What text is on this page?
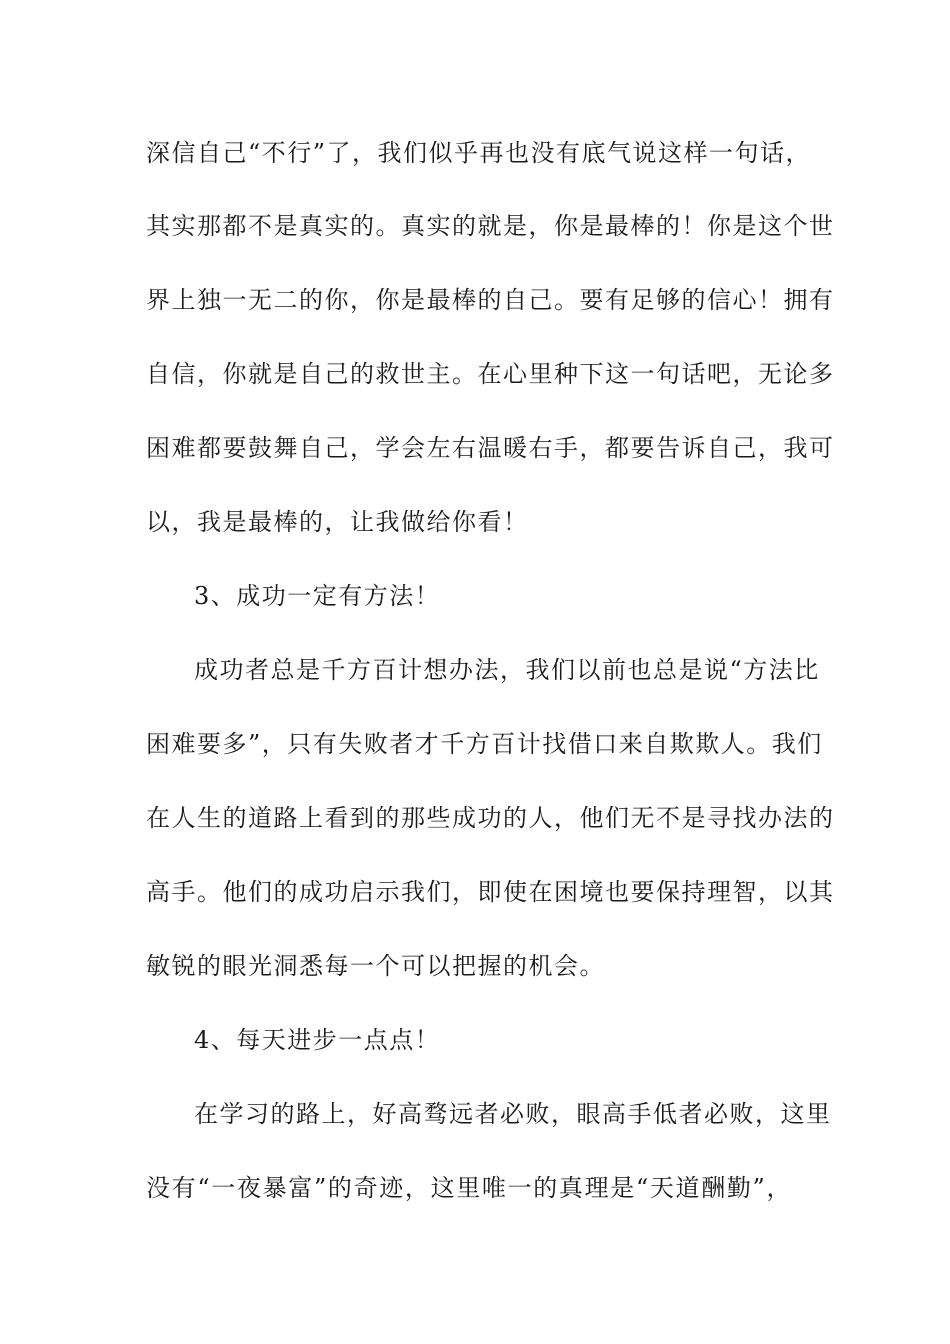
深信自己“不行”了，我们似乎再也没有底气说这样一句话，
其实那都不是真实的。真实的就是，你是最棒的！你是这个世
界上独一无二的你，你是最棒的自己。要有足够的信心！拥有
自信，你就是自己的救世主。在心里种下这一句话吧，无论多
困难都要鼓舞自己，学会左右温暖右手，都要告诉自己，我可
以，我是最棒的，让我做给你看！
3、成功一定有方法！
成功者总是千方百计想办法，我们以前也总是说“方法比
困难要多”，只有失败者才千方百计找借口来自欺欺人。我们
在人生的道路上看到的那些成功的人，他们无不是寻找办法的
高手。他们的成功启示我们，即使在困境也要保持理智，以其
敏锐的眼光洞悉每一个可以把握的机会。
4、每天进步一点点！
在学习的路上，好高骛远者必败，眼高手低者必败，这里
没有“一夜暴富”的奇迹，这里唯一的真理是“天道酬勤”，
